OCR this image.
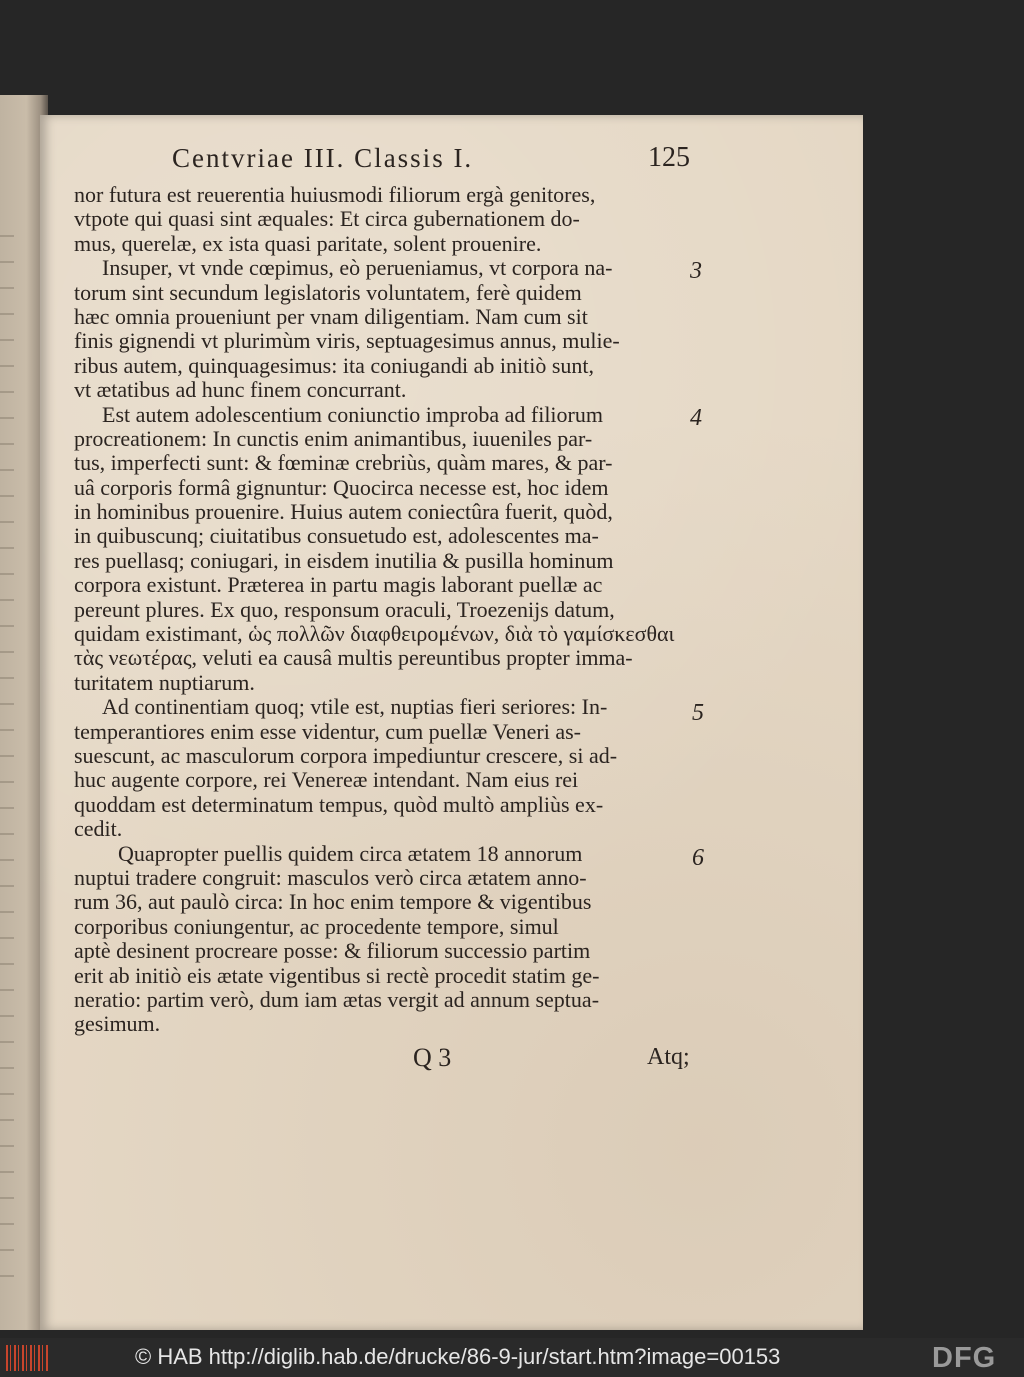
Centvriae III. Classis I.	125
nor futura est reuerentia huiusmodi filiorum ergà genitores,
vtpote qui quasi sint æquales: Et circa gubernationem do-
mus, querelæ, ex ista quasi paritate, solent prouenire.
Insuper, vt vnde cœpimus, eò perueniamus, vt corpora na-
torum sint secundum legislatoris voluntatem, ferè quidem
hæc omnia proueniunt per vnam diligentiam. Nam cum sit
finis gignendi vt plurimùm viris, septuagesimus annus, mulie-
ribus autem, quinquagesimus: ita coniugandi ab initiò sunt,
vt ætatibus ad hunc finem concurrant.
Est autem adolescentium coniunctio improba ad filiorum
procreationem: In cunctis enim animantibus, iuueniles par-
tus, imperfecti sunt: & fœminæ crebriùs, quàm mares, & par-
uâ corporis formâ gignuntur: Quocirca necesse est, hoc idem
in hominibus prouenire. Huius autem coniectûra fuerit, quòd,
in quibuscunq; ciuitatibus consuetudo est, adolescentes ma-
res puellasq; coniugari, in eisdem inutilia & pusilla hominum
corpora existunt. Præterea in partu magis laborant puellæ ac
pereunt plures. Ex quo, responsum oraculi, Troezenijs datum,
quidam existimant, ὡς πολλῶν διαφθειρομένων, διὰ τὸ γαμίσκεσθαι
τὰς νεωτέρας, veluti ea causâ multis pereuntibus propter imma-
turitatem nuptiarum.
Ad continentiam quoq; vtile est, nuptias fieri seriores: In-
temperantiores enim esse videntur, cum puellæ Veneri as-
suescunt, ac masculorum corpora impediuntur crescere, si ad-
huc augente corpore, rei Venereæ intendant. Nam eius rei
quoddam est determinatum tempus, quòd multò ampliùs ex-
cedit.
Quapropter puellis quidem circa ætatem 18 annorum
nuptui tradere congruit: masculos verò circa ætatem anno-
rum 36, aut paulò circa: In hoc enim tempore & vigentibus
corporibus coniungentur, ac procedente tempore, simul
aptè desinent procreare posse: & filiorum successio partim
erit ab initiò eis ætate vigentibus si rectè procedit statim ge-
neratio: partim verò, dum iam ætas vergit ad annum septua-
gesimum.
3
4
5
6
Q 3	Atq;
© HAB http://diglib.hab.de/drucke/86-9-jur/start.htm?image=00153	DFG
